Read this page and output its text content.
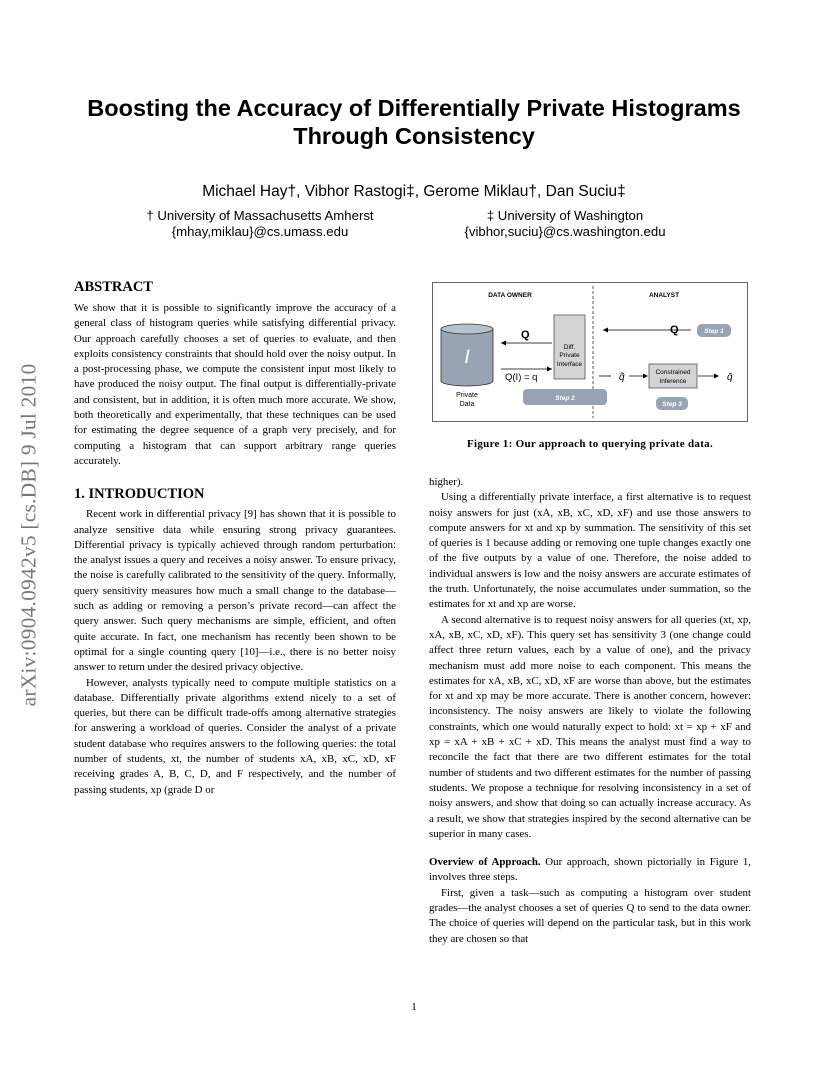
Boosting the Accuracy of Differentially Private Histograms
Through Consistency
Michael Hay†, Vibhor Rastogi‡, Gerome Miklau†, Dan Suciu‡
† University of Massachusetts Amherst
{mhay,miklau}@cs.umass.edu
‡ University of Washington
{vibhor,suciu}@cs.washington.edu
arXiv:0904.0942v5 [cs.DB] 9 Jul 2010
ABSTRACT

We show that it is possible to significantly improve the accuracy of a general class of histogram queries while satisfying differential privacy. Our approach carefully chooses a set of queries to evaluate, and then exploits consistency constraints that should hold over the noisy output. In a post-processing phase, we compute the consistent input most likely to have produced the noisy output. The final output is differentially-private and consistent, but in addition, it is often much more accurate. We show, both theoretically and experimentally, that these techniques can be used for estimating the degree sequence of a graph very precisely, and for computing a histogram that can support arbitrary range queries accurately.

1. INTRODUCTION

Recent work in differential privacy [9] has shown that it is possible to analyze sensitive data while ensuring strong privacy guarantees. Differential privacy is typically achieved through random perturbation: the analyst issues a query and receives a noisy answer. To ensure privacy, the noise is carefully calibrated to the sensitivity of the query. Informally, query sensitivity measures how much a small change to the database—such as adding or removing a person’s private record—can affect the query answer. Such query mechanisms are simple, efficient, and often quite accurate. In fact, one mechanism has recently been shown to be optimal for a single counting query [10]—i.e., there is no better noisy answer to return under the desired privacy objective.

However, analysts typically need to compute multiple statistics on a database. Differentially private algorithms extend nicely to a set of queries, but there can be difficult trade-offs among alternative strategies for answering a workload of queries. Consider the analyst of a private student database who requires answers to the following queries: the total number of students, xt, the number of students xA, xB, xC, xD, xF receiving grades A, B, C, D, and F respectively, and the number of passing students, xp (grade D or

DATA OWNER	ANALYST
I
Private
Data
Diff.
Private
Interface
Q
Q(I) = q
Q	Step 1
q̃	Constrained
Inference	q̄
Step 2
Step 3
Figure 1: Our approach to querying private data.

higher).

Using a differentially private interface, a first alternative is to request noisy answers for just (xA, xB, xC, xD, xF) and use those answers to compute answers for xt and xp by summation. The sensitivity of this set of queries is 1 because adding or removing one tuple changes exactly one of the five outputs by a value of one. Therefore, the noise added to individual answers is low and the noisy answers are accurate estimates of the truth. Unfortunately, the noise accumulates under summation, so the estimates for xt and xp are worse.

A second alternative is to request noisy answers for all queries (xt, xp, xA, xB, xC, xD, xF). This query set has sensitivity 3 (one change could affect three return values, each by a value of one), and the privacy mechanism must add more noise to each component. This means the estimates for xA, xB, xC, xD, xF are worse than above, but the estimates for xt and xp may be more accurate. There is another concern, however: inconsistency. The noisy answers are likely to violate the following constraints, which one would naturally expect to hold: xt = xp + xF and xp = xA + xB + xC + xD. This means the analyst must find a way to reconcile the fact that there are two different estimates for the total number of students and two different estimates for the number of passing students. We propose a technique for resolving inconsistency in a set of noisy answers, and show that doing so can actually increase accuracy. As a result, we show that strategies inspired by the second alternative can be superior in many cases.

Overview of Approach. Our approach, shown pictorially in Figure 1, involves three steps.

First, given a task—such as computing a histogram over student grades—the analyst chooses a set of queries Q to send to the data owner. The choice of queries will depend on the particular task, but in this work they are chosen so that

1
